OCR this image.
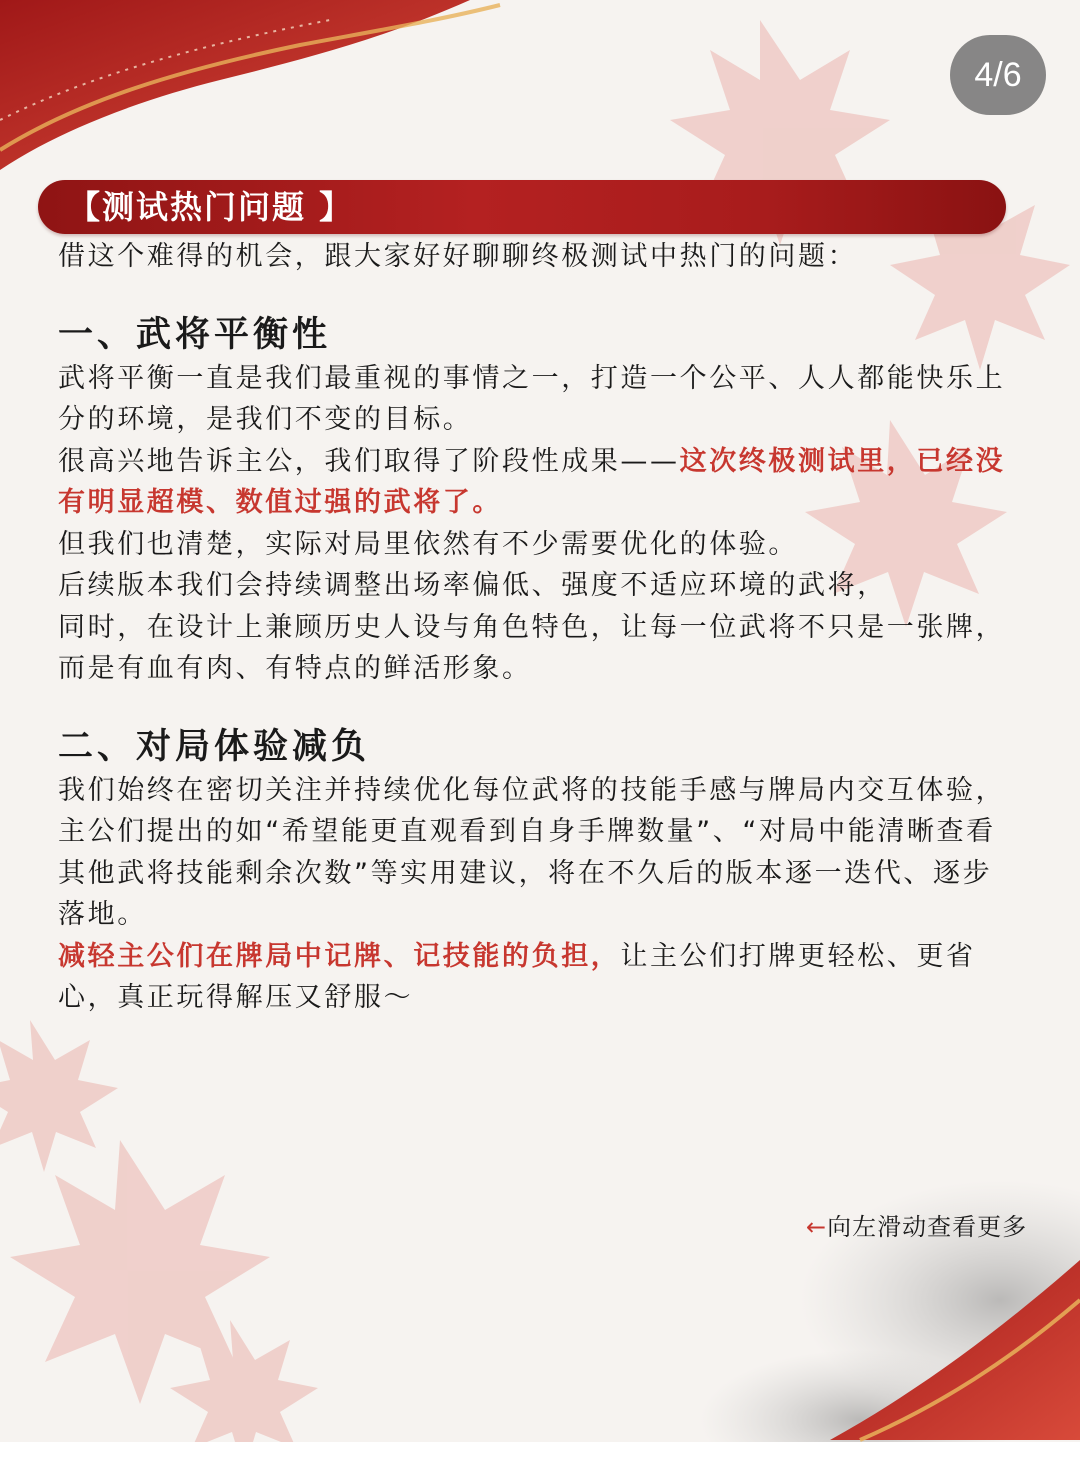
4/6
【测试热门问题 】

借这个难得的机会，跟大家好好聊聊终极测试中热门的问题：

一、武将平衡性

武将平衡一直是我们最重视的事情之一，打造一个公平、人人都能快乐上分的环境，是我们不变的目标。

很高兴地告诉主公，我们取得了阶段性成果——这次终极测试里，已经没有明显超模、数值过强的武将了。

但我们也清楚，实际对局里依然有不少需要优化的体验。

后续版本我们会持续调整出场率偏低、强度不适应环境的武将，

同时，在设计上兼顾历史人设与角色特色，让每一位武将不只是一张牌，而是有血有肉、有特点的鲜活形象。

二、对局体验减负

我们始终在密切关注并持续优化每位武将的技能手感与牌局内交互体验，主公们提出的如“希望能更直观看到自身手牌数量”、“对局中能清晰查看其他武将技能剩余次数”等实用建议，将在不久后的版本逐一迭代、逐步落地。

减轻主公们在牌局中记牌、记技能的负担，让主公们打牌更轻松、更省心，真正玩得解压又舒服～

←向左滑动查看更多
